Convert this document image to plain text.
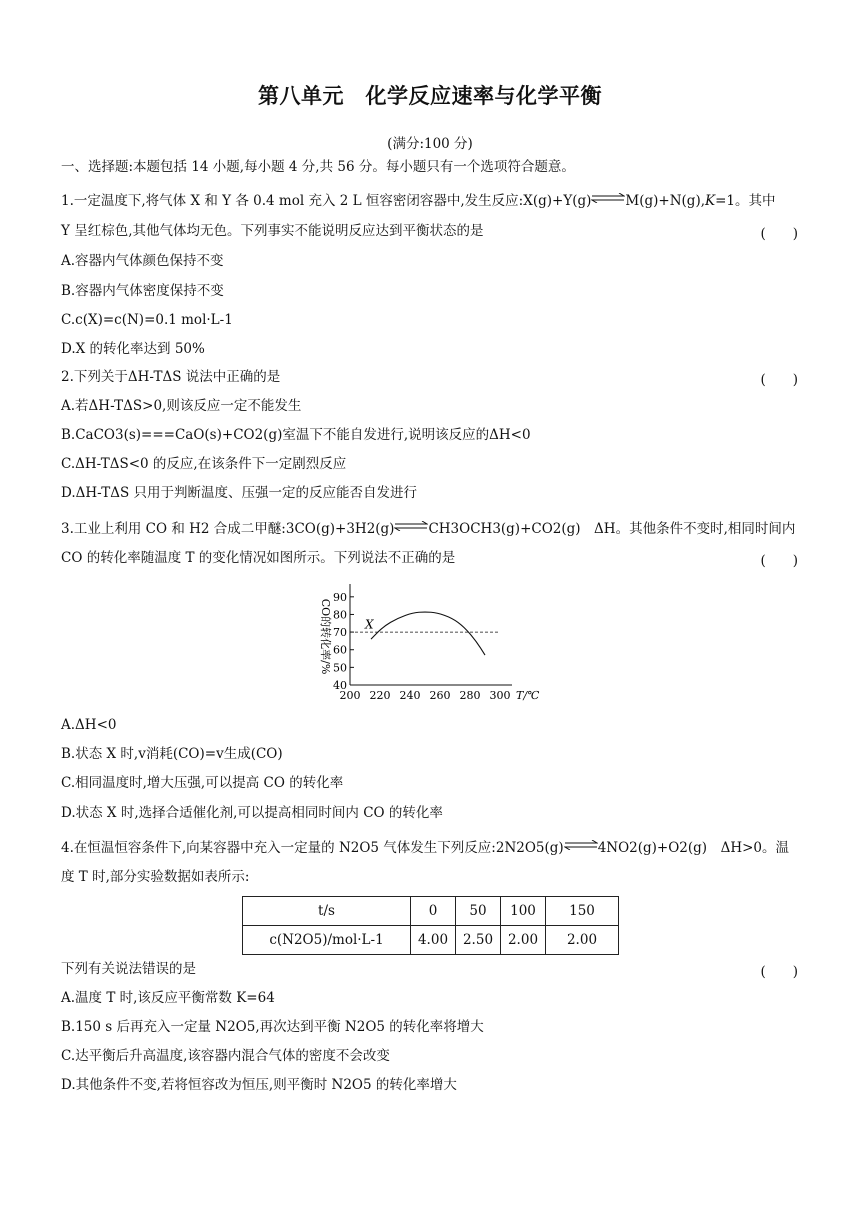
第八单元　化学反应速率与化学平衡
(满分:100 分)
一、选择题:本题包括 14 小题,每小题 4 分,共 56 分。每小题只有一个选项符合题意。
1.一定温度下,将气体 X 和 Y 各 0.4 mol 充入 2 L 恒容密闭容器中,发生反应:X(g)+Y(g)⇌M(g)+N(g),K=1。其中
Y 呈红棕色,其他气体均无色。下列事实不能说明反应达到平衡状态的是	(　　)
A.容器内气体颜色保持不变
B.容器内气体密度保持不变
C.c(X)=c(N)=0.1 mol·L-1
D.X 的转化率达到 50%
2.下列关于ΔH-TΔS 说法中正确的是	(　　)
A.若ΔH-TΔS>0,则该反应一定不能发生
B.CaCO3(s)===CaO(s)+CO2(g)室温下不能自发进行,说明该反应的ΔH<0
C.ΔH-TΔS<0 的反应,在该条件下一定剧烈反应
D.ΔH-TΔS 只用于判断温度、压强一定的反应能否自发进行
3.工业上利用 CO 和 H2 合成二甲醚:3CO(g)+3H2(g)⇌CH3OCH3(g)+CO2(g)　ΔH。其他条件不变时,相同时间内
CO 的转化率随温度 T 的变化情况如图所示。下列说法不正确的是	(　　)
40
50
60
70
80
90
200 220 240 260 280 300
X
CO的转化率/%
T/℃
A.ΔH<0
B.状态 X 时,v消耗(CO)=v生成(CO)
C.相同温度时,增大压强,可以提高 CO 的转化率
D.状态 X 时,选择合适催化剂,可以提高相同时间内 CO 的转化率
4.在恒温恒容条件下,向某容器中充入一定量的 N2O5 气体发生下列反应:2N2O5(g)⇌4NO2(g)+O2(g)　ΔH>0。温
度 T 时,部分实验数据如表所示:
t/s	0	50	100	150
c(N2O5)/mol·L-1	4.00	2.50	2.00	2.00
下列有关说法错误的是	(　　)
A.温度 T 时,该反应平衡常数 K=64
B.150 s 后再充入一定量 N2O5,再次达到平衡 N2O5 的转化率将增大
C.达平衡后升高温度,该容器内混合气体的密度不会改变
D.其他条件不变,若将恒容改为恒压,则平衡时 N2O5 的转化率增大
